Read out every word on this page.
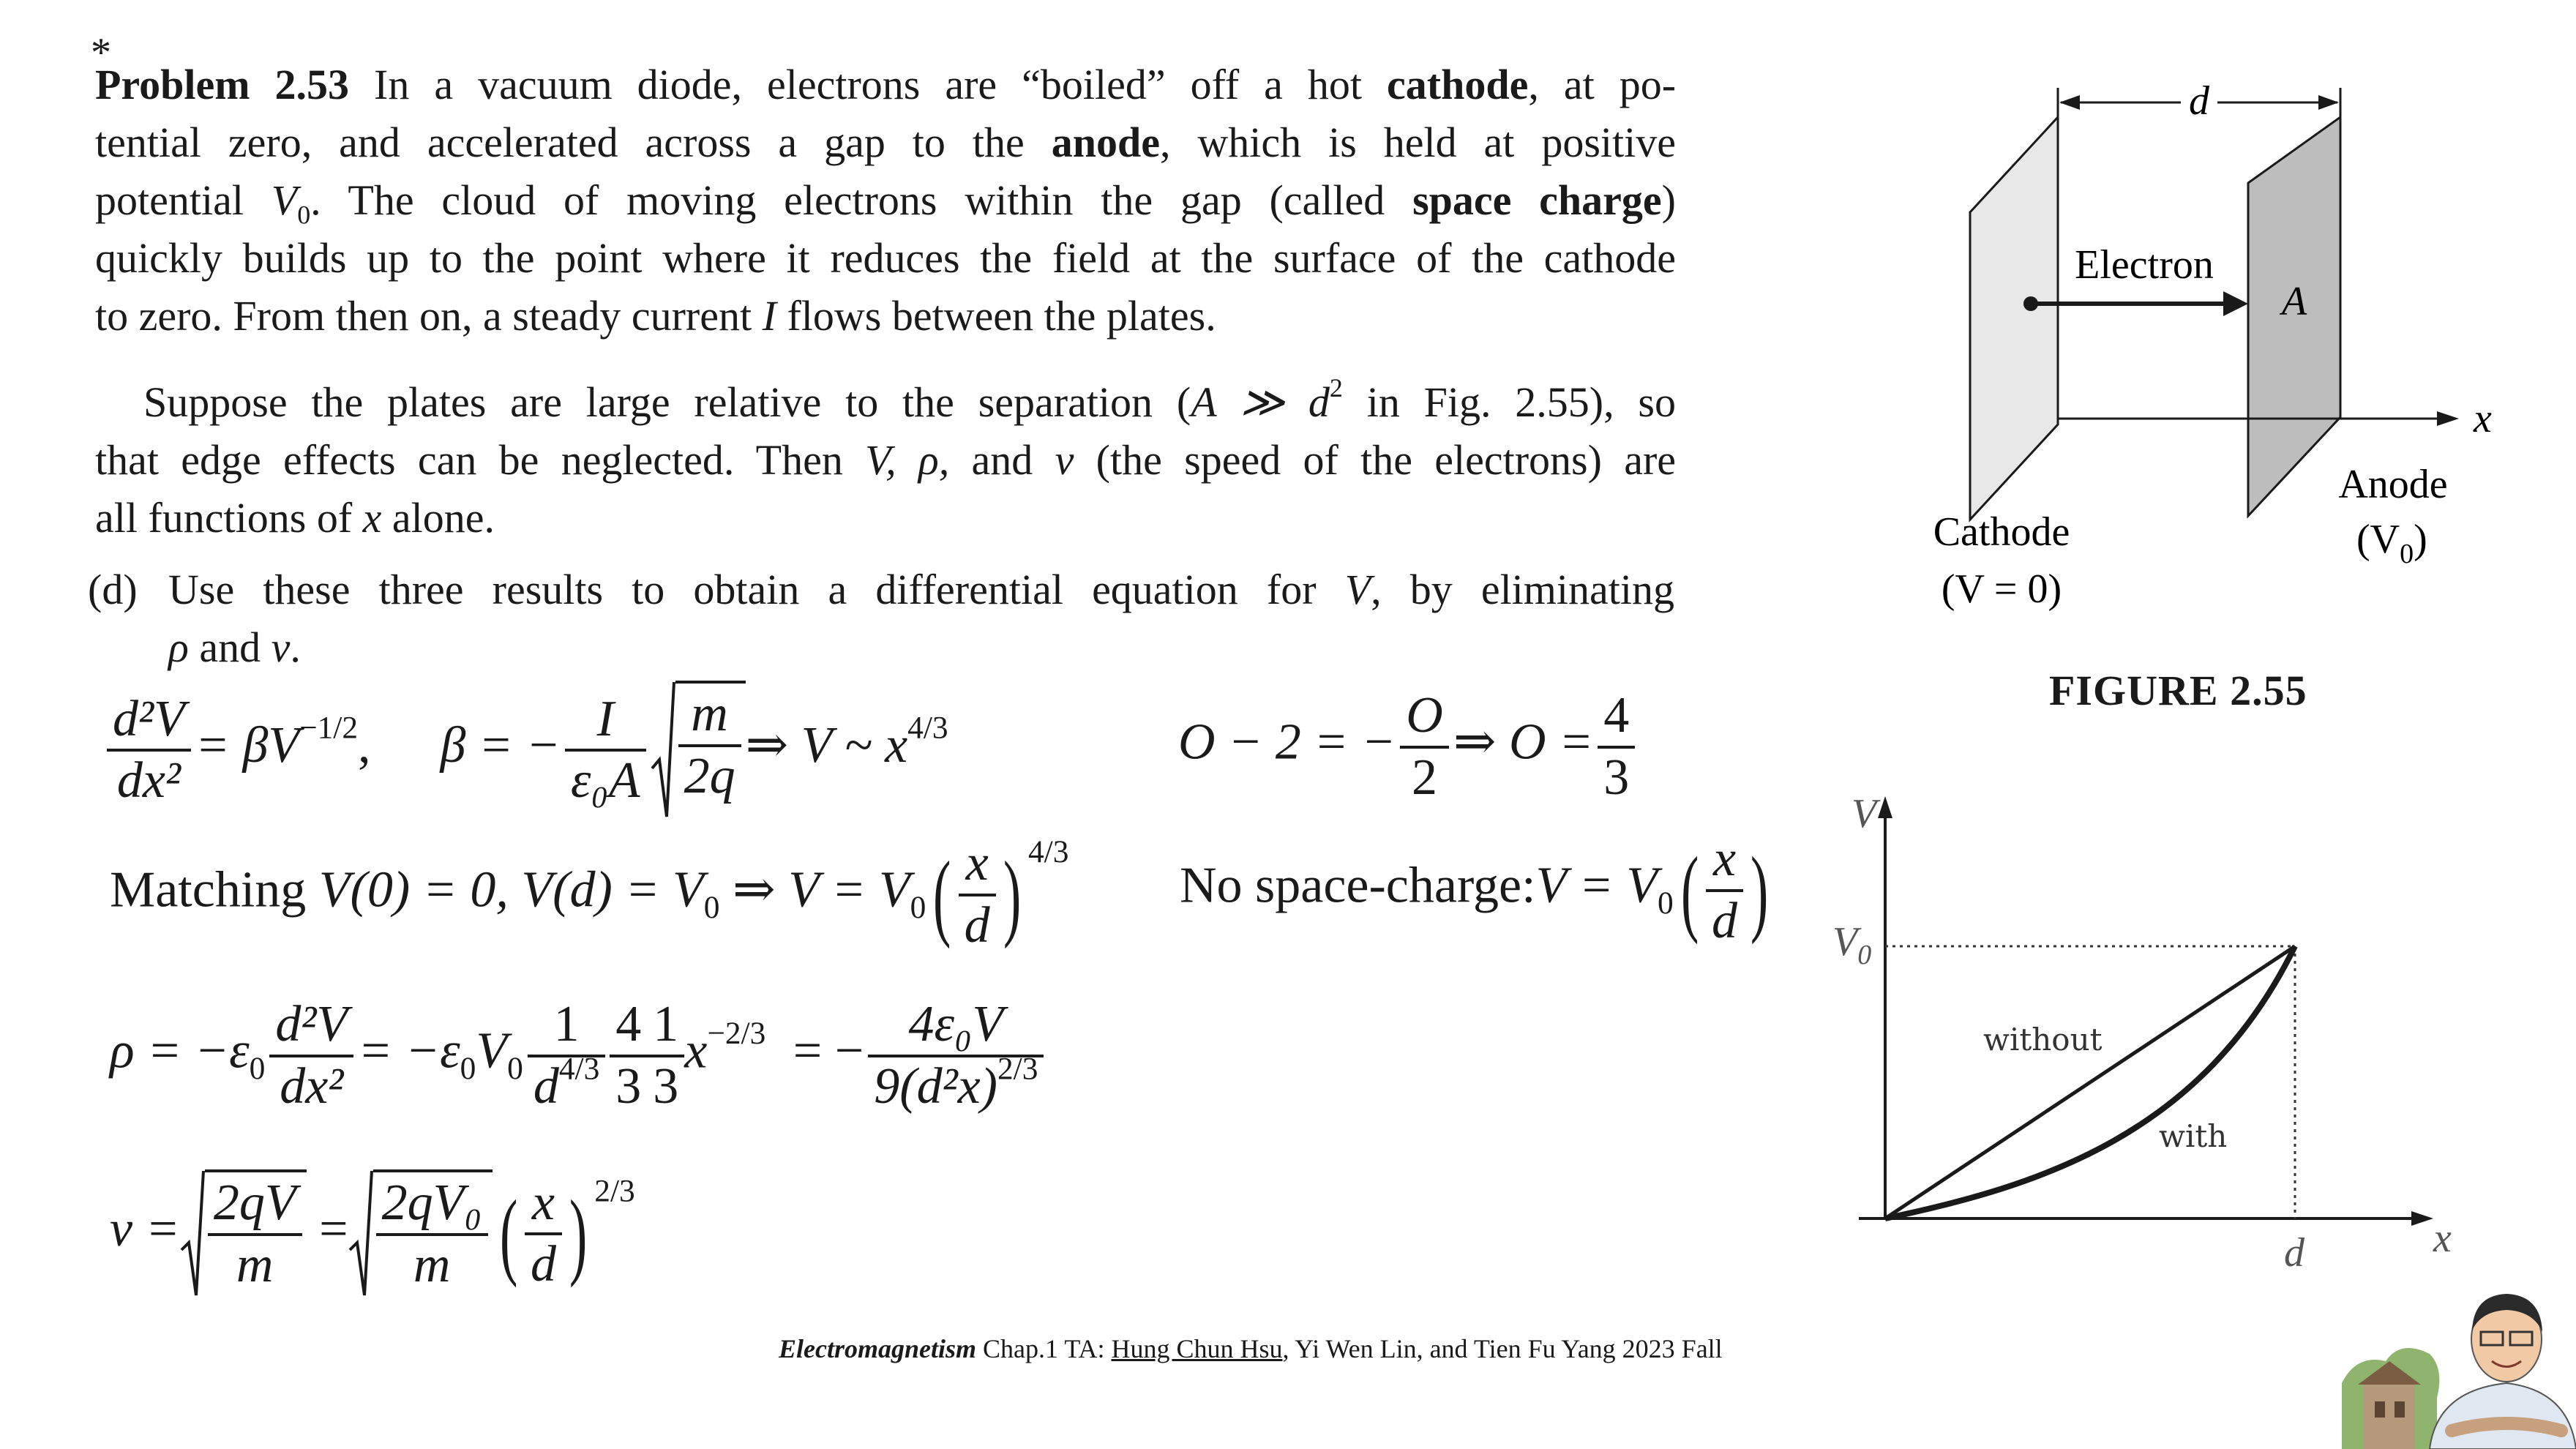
*
Problem 2.53 In a vacuum diode, electrons are “boiled” off a hot cathode, at po-
tential zero, and accelerated across a gap to the anode, which is held at positive
potential $V_0$. The cloud of moving electrons within the gap (called space charge)
quickly builds up to the point where it reduces the field at the surface of the cathode
to zero. From then on, a steady current I flows between the plates.
Suppose the plates are large relative to the separation (A ≫ $d^2$ in Fig. 2.55), so
that edge effects can be neglected. Then V, ρ, and v (the speed of the electrons) are
all functions of x alone.
(d) Use these three results to obtain a differential equation for V, by eliminating
ρ and v.
$\frac{\text{d²V}}{\text{dx²}} = \beta V^{-1/2}$, β = − $\frac{I}{\text{ε₀A}} \frac{m}{2q}$ ⇒ V ~ $x^{4/3}$	O − 2 = − $\frac{O}{2}$ ⇒ $O = \frac{4}{3}$
Matching V(0) = 0, $V(d) = V_0$ ⇒ $V = V_0( \frac{x}{d}$ ) $^{4/3}$
No space-charge:V = $V_0( \frac{x}{d}$ )
$\rho = -\varepsilon_0 \frac{\text{d²V}}{\text{dx²}} = -\varepsilon_0V_0 \frac{1}{d^{4/3}} \frac{4}{3} \frac{1}{3} x^{-2/3}$ = − $\frac{\text{4ε₀V}}{9(d^2x)^{2/3}}$
$v = \frac{2qV}{m} = \frac{\text{2qV₀}}{m}$ ( $\frac{x}{d}$ ) $^{2/3}$
d
Electron
A
x
Anode
$(V_0)$
Cathode
(V = 0)
FIGURE 2.55
V
x
$V_0$
d
without
with
Electromagnetism Chap.1 TA: Hung Chun Hsu, Yi Wen Lin, and Tien Fu Yang 2023 Fall
